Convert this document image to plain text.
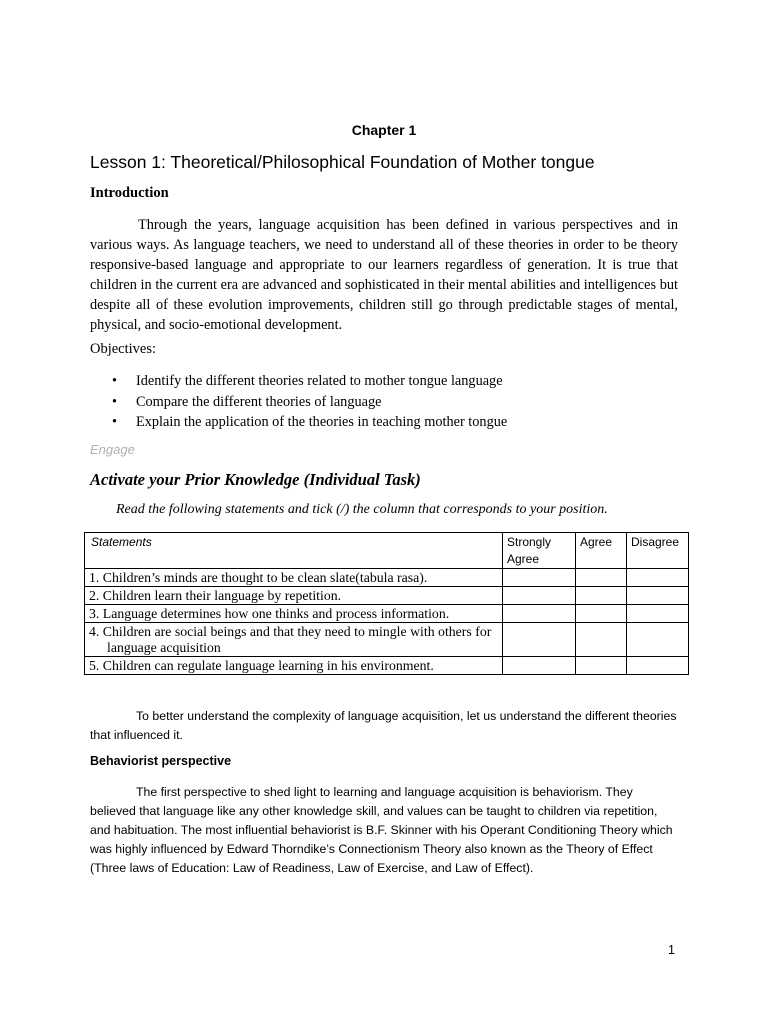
Chapter 1
Lesson 1: Theoretical/Philosophical Foundation of Mother tongue
Introduction
Through the years, language acquisition has been defined in various perspectives and in various ways. As language teachers, we need to understand all of these theories in order to be theory responsive-based language and appropriate to our learners regardless of generation. It is true that children in the current era are advanced and sophisticated in their mental abilities and intelligences but despite all of these evolution improvements, children still go through predictable stages of mental, physical, and socio-emotional development.
Objectives:
• Identify the different theories related to mother tongue language
• Compare the different theories of language
• Explain the application of the theories in teaching mother tongue
Engage
Activate your Prior Knowledge (Individual Task)
Read the following statements and tick (/) the column that corresponds to your position.
Statements	Strongly Agree	Agree	Disagree
1. Children’s minds are thought to be clean slate(tabula rasa).			
2. Children learn their language by repetition.			
3. Language determines how one thinks and process information.			

4. Children are social beings and that they need to mingle with others for language acquisition			

5. Children can regulate language learning in his environment.			
To better understand the complexity of language acquisition, let us understand the different theories that influenced it.
Behaviorist perspective
The first perspective to shed light to learning and language acquisition is behaviorism. They believed that language like any other knowledge skill, and values can be taught to children via repetition, and habituation. The most influential behaviorist is B.F. Skinner with his Operant Conditioning Theory which was highly influenced by Edward Thorndike’s Connectionism Theory also known as the Theory of Effect (Three laws of Education: Law of Readiness, Law of Exercise, and Law of Effect).
1
